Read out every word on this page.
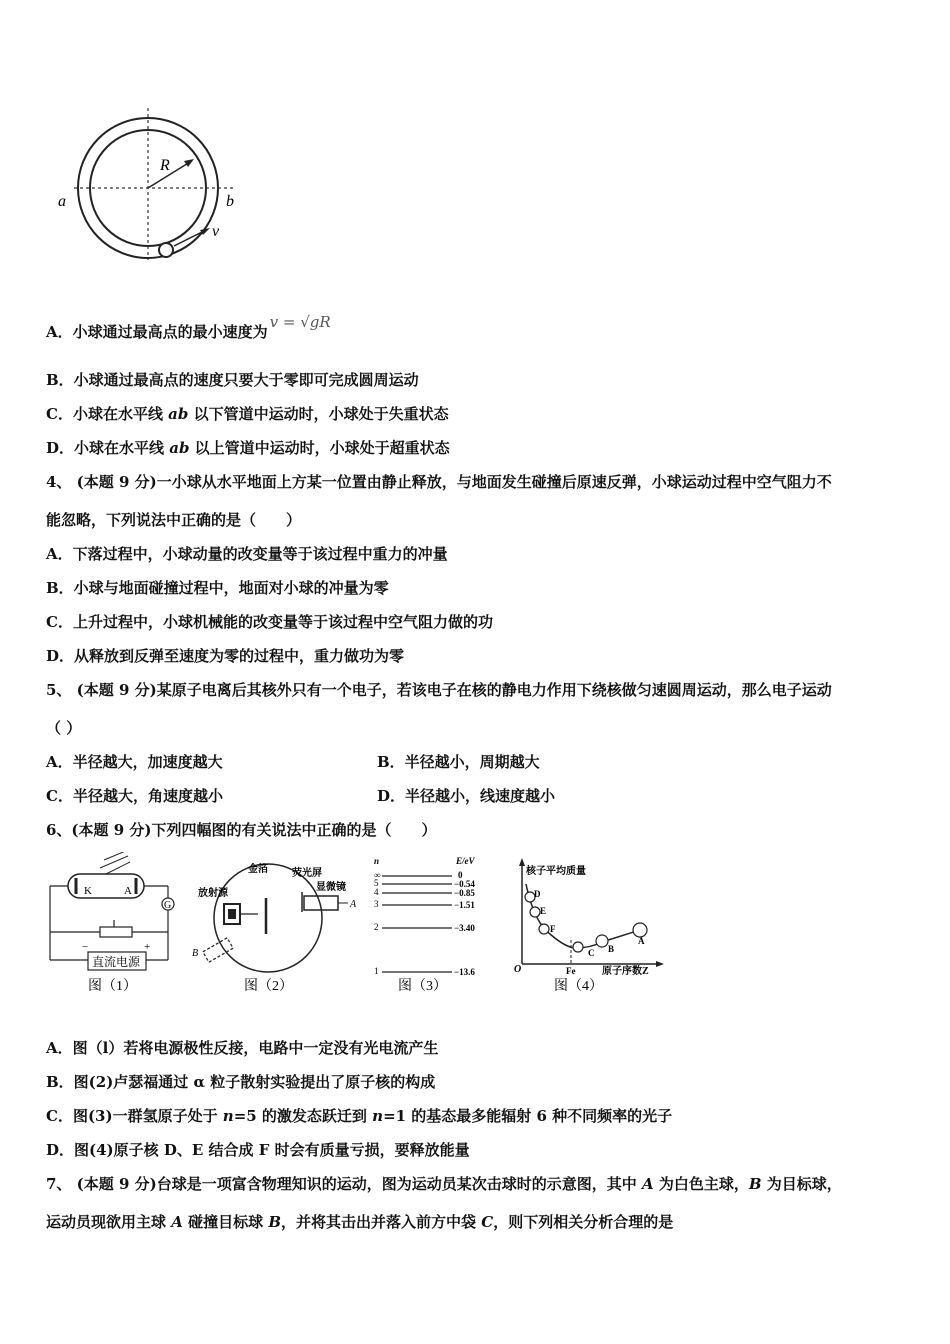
R
a	b
v
A．小球通过最高点的最小速度为v = √gR
B．小球通过最高点的速度只要大于零即可完成圆周运动
C．小球在水平线 ab 以下管道中运动时，小球处于失重状态
D．小球在水平线 ab 以上管道中运动时，小球处于超重状态
4、 (本题 9 分)一小球从水平地面上方某一位置由静止释放，与地面发生碰撞后原速反弹，小球运动过程中空气阻力不
能忽略，下列说法中正确的是（　　）
A．下落过程中，小球动量的改变量等于该过程中重力的冲量
B．小球与地面碰撞过程中，地面对小球的冲量为零
C．上升过程中，小球机械能的改变量等于该过程中空气阻力做的功
D．从释放到反弹至速度为零的过程中，重力做功为零
5、 (本题 9 分)某原子电离后其核外只有一个电子，若该电子在核的静电力作用下绕核做匀速圆周运动，那么电子运动
（ ）
A．半径越大，加速度越大	B．半径越小，周期越大
C．半径越大，角速度越小	D．半径越小，线速度越小
6、(本题 9 分)下列四幅图的有关说法中正确的是（　　）
K	A
G
直流电源
−	+
图（1）
金箔
放射源
荧光屏
显微镜
A
B
图（2）
n	E/eV
∞	0
5	−0.54
4	−0.85
3	−1.51
2	−3.40
1	−13.6
图（3）
核子平均质量
原子序数Z
O	Fe
D
E
F
C B
A
图（4）
A．图（l）若将电源极性反接，电路中一定没有光电流产生
B．图(2)卢瑟福通过 α 粒子散射实验提出了原子核的构成
C．图(3)一群氢原子处于 n=5 的激发态跃迁到 n=1 的基态最多能辐射 6 种不同频率的光子
D．图(4)原子核 D、E 结合成 F 时会有质量亏损，要释放能量
7、 (本题 9 分)台球是一项富含物理知识的运动，图为运动员某次击球时的示意图，其中 A 为白色主球，B 为目标球，
运动员现欲用主球 A 碰撞目标球 B，并将其击出并落入前方中袋 C，则下列相关分析合理的是
